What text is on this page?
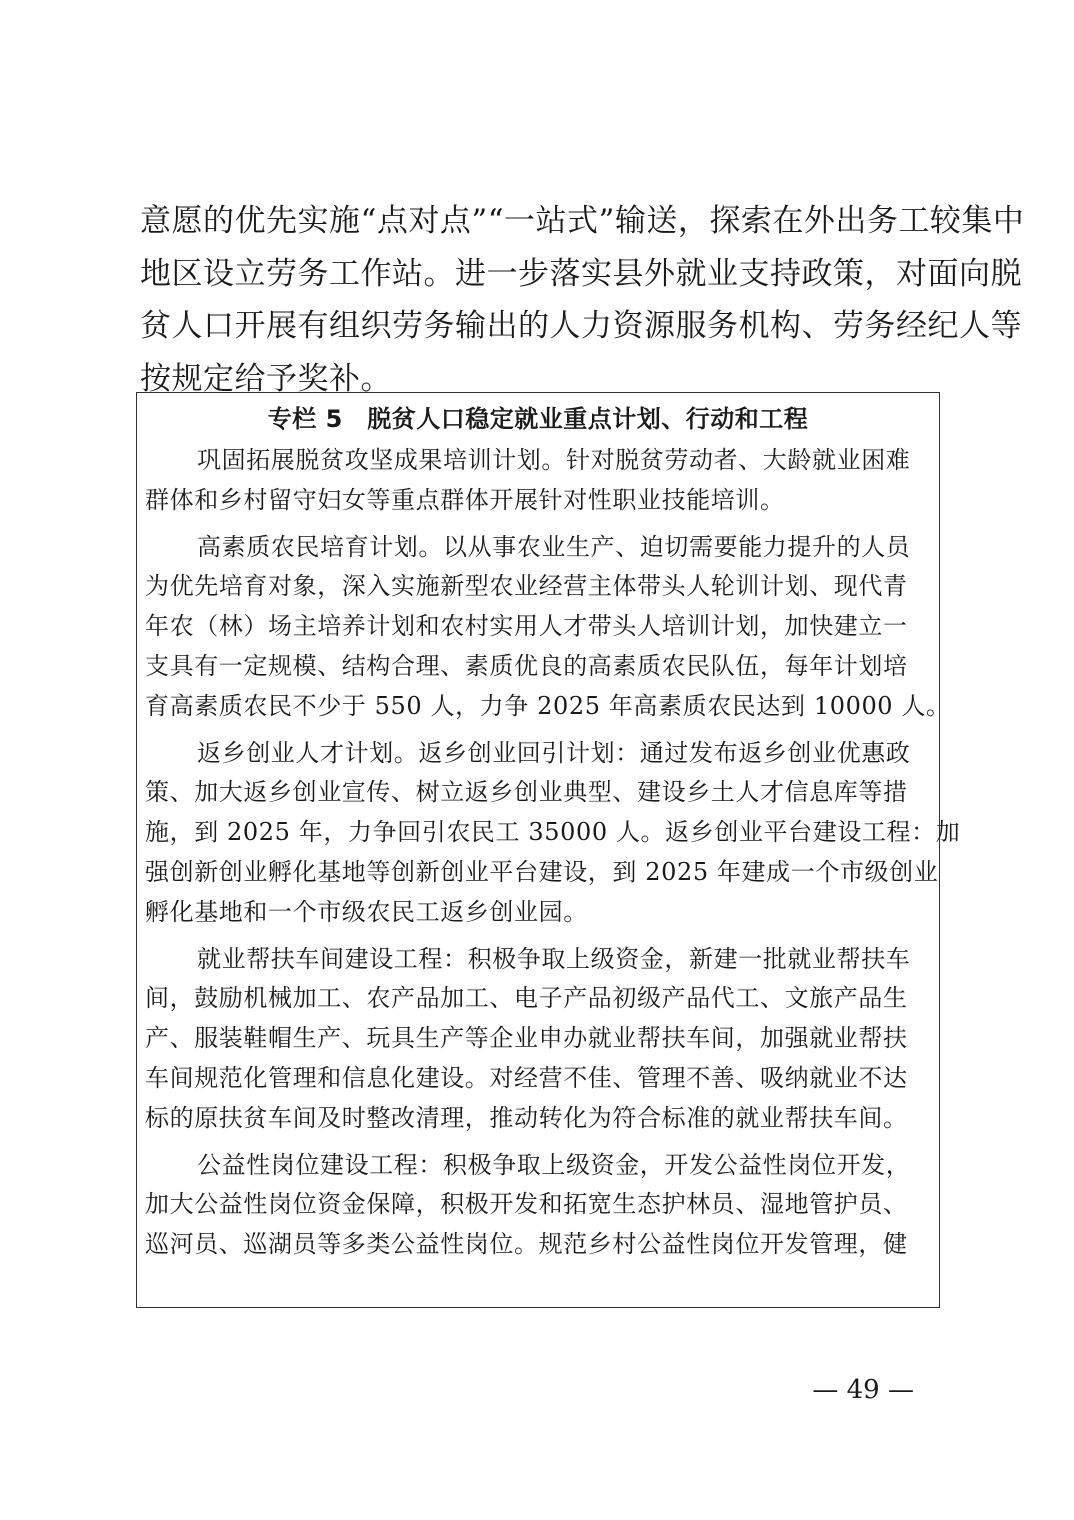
意愿的优先实施“点对点”“一站式”输送，探索在外出务工较集中
地区设立劳务工作站。进一步落实县外就业支持政策，对面向脱
贫人口开展有组织劳务输出的人力资源服务机构、劳务经纪人等
按规定给予奖补。
专栏 5　脱贫人口稳定就业重点计划、行动和工程
巩固拓展脱贫攻坚成果培训计划。针对脱贫劳动者、大龄就业困难
群体和乡村留守妇女等重点群体开展针对性职业技能培训。
高素质农民培育计划。以从事农业生产、迫切需要能力提升的人员
为优先培育对象，深入实施新型农业经营主体带头人轮训计划、现代青
年农（林）场主培养计划和农村实用人才带头人培训计划，加快建立一
支具有一定规模、结构合理、素质优良的高素质农民队伍，每年计划培
育高素质农民不少于 550 人，力争 2025 年高素质农民达到 10000 人。
返乡创业人才计划。返乡创业回引计划：通过发布返乡创业优惠政
策、加大返乡创业宣传、树立返乡创业典型、建设乡土人才信息库等措
施，到 2025 年，力争回引农民工 35000 人。返乡创业平台建设工程：加
强创新创业孵化基地等创新创业平台建设，到 2025 年建成一个市级创业
孵化基地和一个市级农民工返乡创业园。
就业帮扶车间建设工程：积极争取上级资金，新建一批就业帮扶车
间，鼓励机械加工、农产品加工、电子产品初级产品代工、文旅产品生
产、服装鞋帽生产、玩具生产等企业申办就业帮扶车间，加强就业帮扶
车间规范化管理和信息化建设。对经营不佳、管理不善、吸纳就业不达
标的原扶贫车间及时整改清理，推动转化为符合标准的就业帮扶车间。
公益性岗位建设工程：积极争取上级资金，开发公益性岗位开发，
加大公益性岗位资金保障，积极开发和拓宽生态护林员、湿地管护员、
巡河员、巡湖员等多类公益性岗位。规范乡村公益性岗位开发管理，健
— 49 —
